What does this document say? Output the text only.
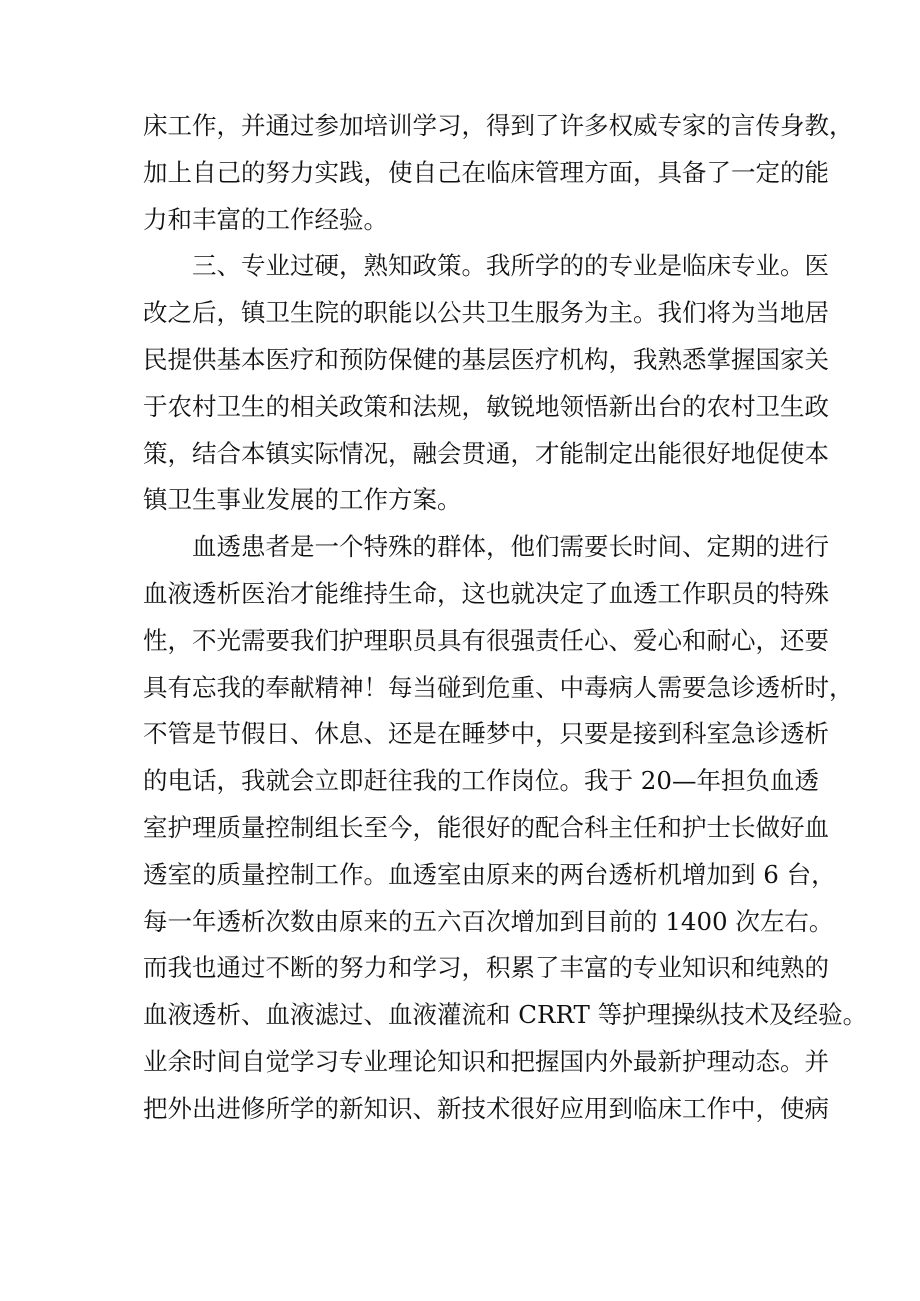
床工作，并通过参加培训学习，得到了许多权威专家的言传身教，
加上自己的努力实践，使自己在临床管理方面，具备了一定的能
力和丰富的工作经验。
三、专业过硬，熟知政策。我所学的的专业是临床专业。医
改之后，镇卫生院的职能以公共卫生服务为主。我们将为当地居
民提供基本医疗和预防保健的基层医疗机构，我熟悉掌握国家关
于农村卫生的相关政策和法规，敏锐地领悟新出台的农村卫生政
策，结合本镇实际情况，融会贯通，才能制定出能很好地促使本
镇卫生事业发展的工作方案。
血透患者是一个特殊的群体，他们需要长时间、定期的进行
血液透析医治才能维持生命，这也就决定了血透工作职员的特殊
性，不光需要我们护理职员具有很强责任心、爱心和耐心，还要
具有忘我的奉献精神！每当碰到危重、中毒病人需要急诊透析时，
不管是节假日、休息、还是在睡梦中，只要是接到科室急诊透析
的电话，我就会立即赶往我的工作岗位。我于 20—年担负血透
室护理质量控制组长至今，能很好的配合科主任和护士长做好血
透室的质量控制工作。血透室由原来的两台透析机增加到 6 台，
每一年透析次数由原来的五六百次增加到目前的 1400 次左右。
而我也通过不断的努力和学习，积累了丰富的专业知识和纯熟的
血液透析、血液滤过、血液灌流和 CRRT 等护理操纵技术及经验。
业余时间自觉学习专业理论知识和把握国内外最新护理动态。并
把外出进修所学的新知识、新技术很好应用到临床工作中，使病
